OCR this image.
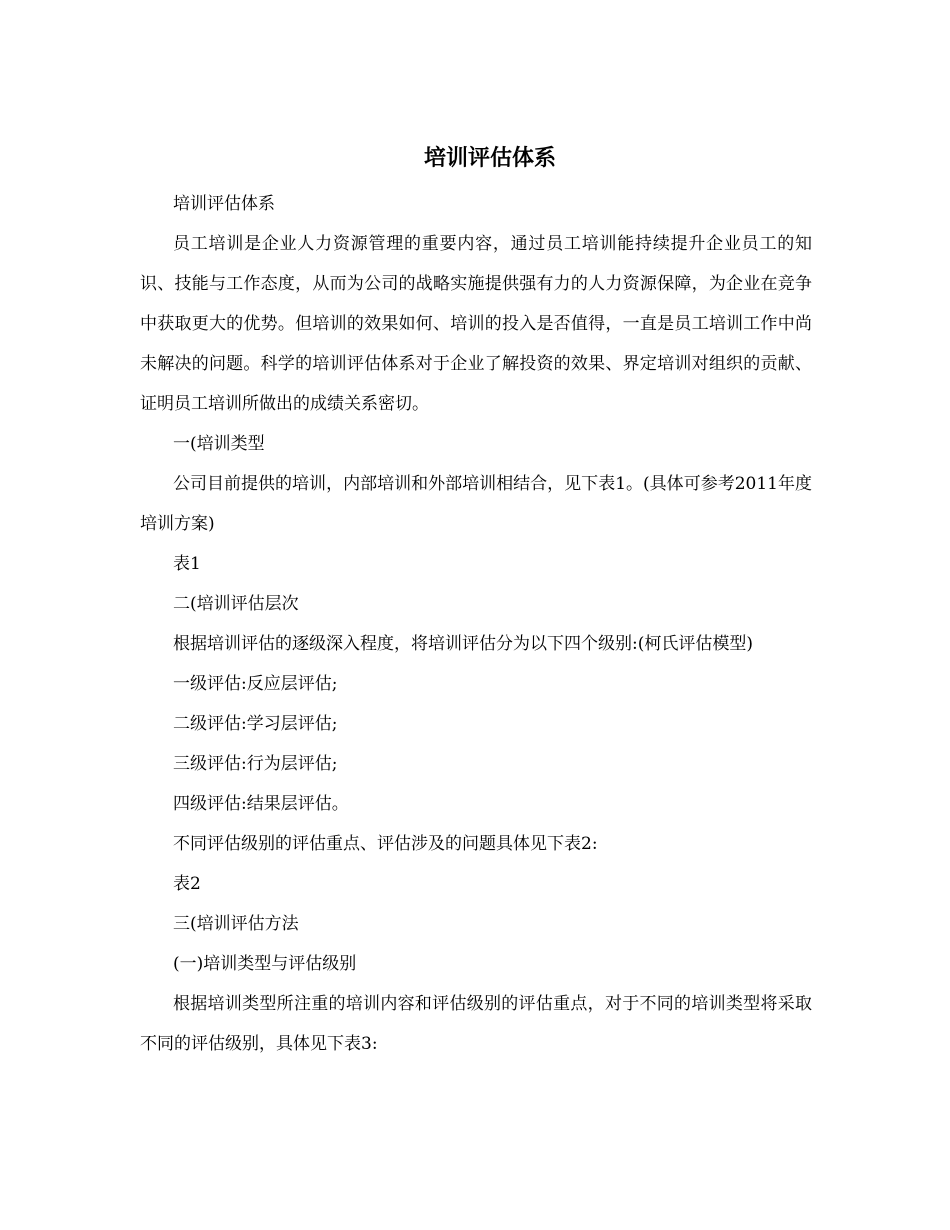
培训评估体系

培训评估体系

员工培训是企业人力资源管理的重要内容，通过员工培训能持续提升企业员工的知识、技能与工作态度，从而为公司的战略实施提供强有力的人力资源保障，为企业在竞争中获取更大的优势。但培训的效果如何、培训的投入是否值得，一直是员工培训工作中尚未解决的问题。科学的培训评估体系对于企业了解投资的效果、界定培训对组织的贡献、证明员工培训所做出的成绩关系密切。

一(培训类型

公司目前提供的培训，内部培训和外部培训相结合，见下表1。(具体可参考2011年度培训方案)

表1

二(培训评估层次

根据培训评估的逐级深入程度，将培训评估分为以下四个级别:(柯氏评估模型)

一级评估:反应层评估;

二级评估:学习层评估;

三级评估:行为层评估;

四级评估:结果层评估。

不同评估级别的评估重点、评估涉及的问题具体见下表2:

表2

三(培训评估方法

(一)培训类型与评估级别

根据培训类型所注重的培训内容和评估级别的评估重点，对于不同的培训类型将采取不同的评估级别，具体见下表3:
